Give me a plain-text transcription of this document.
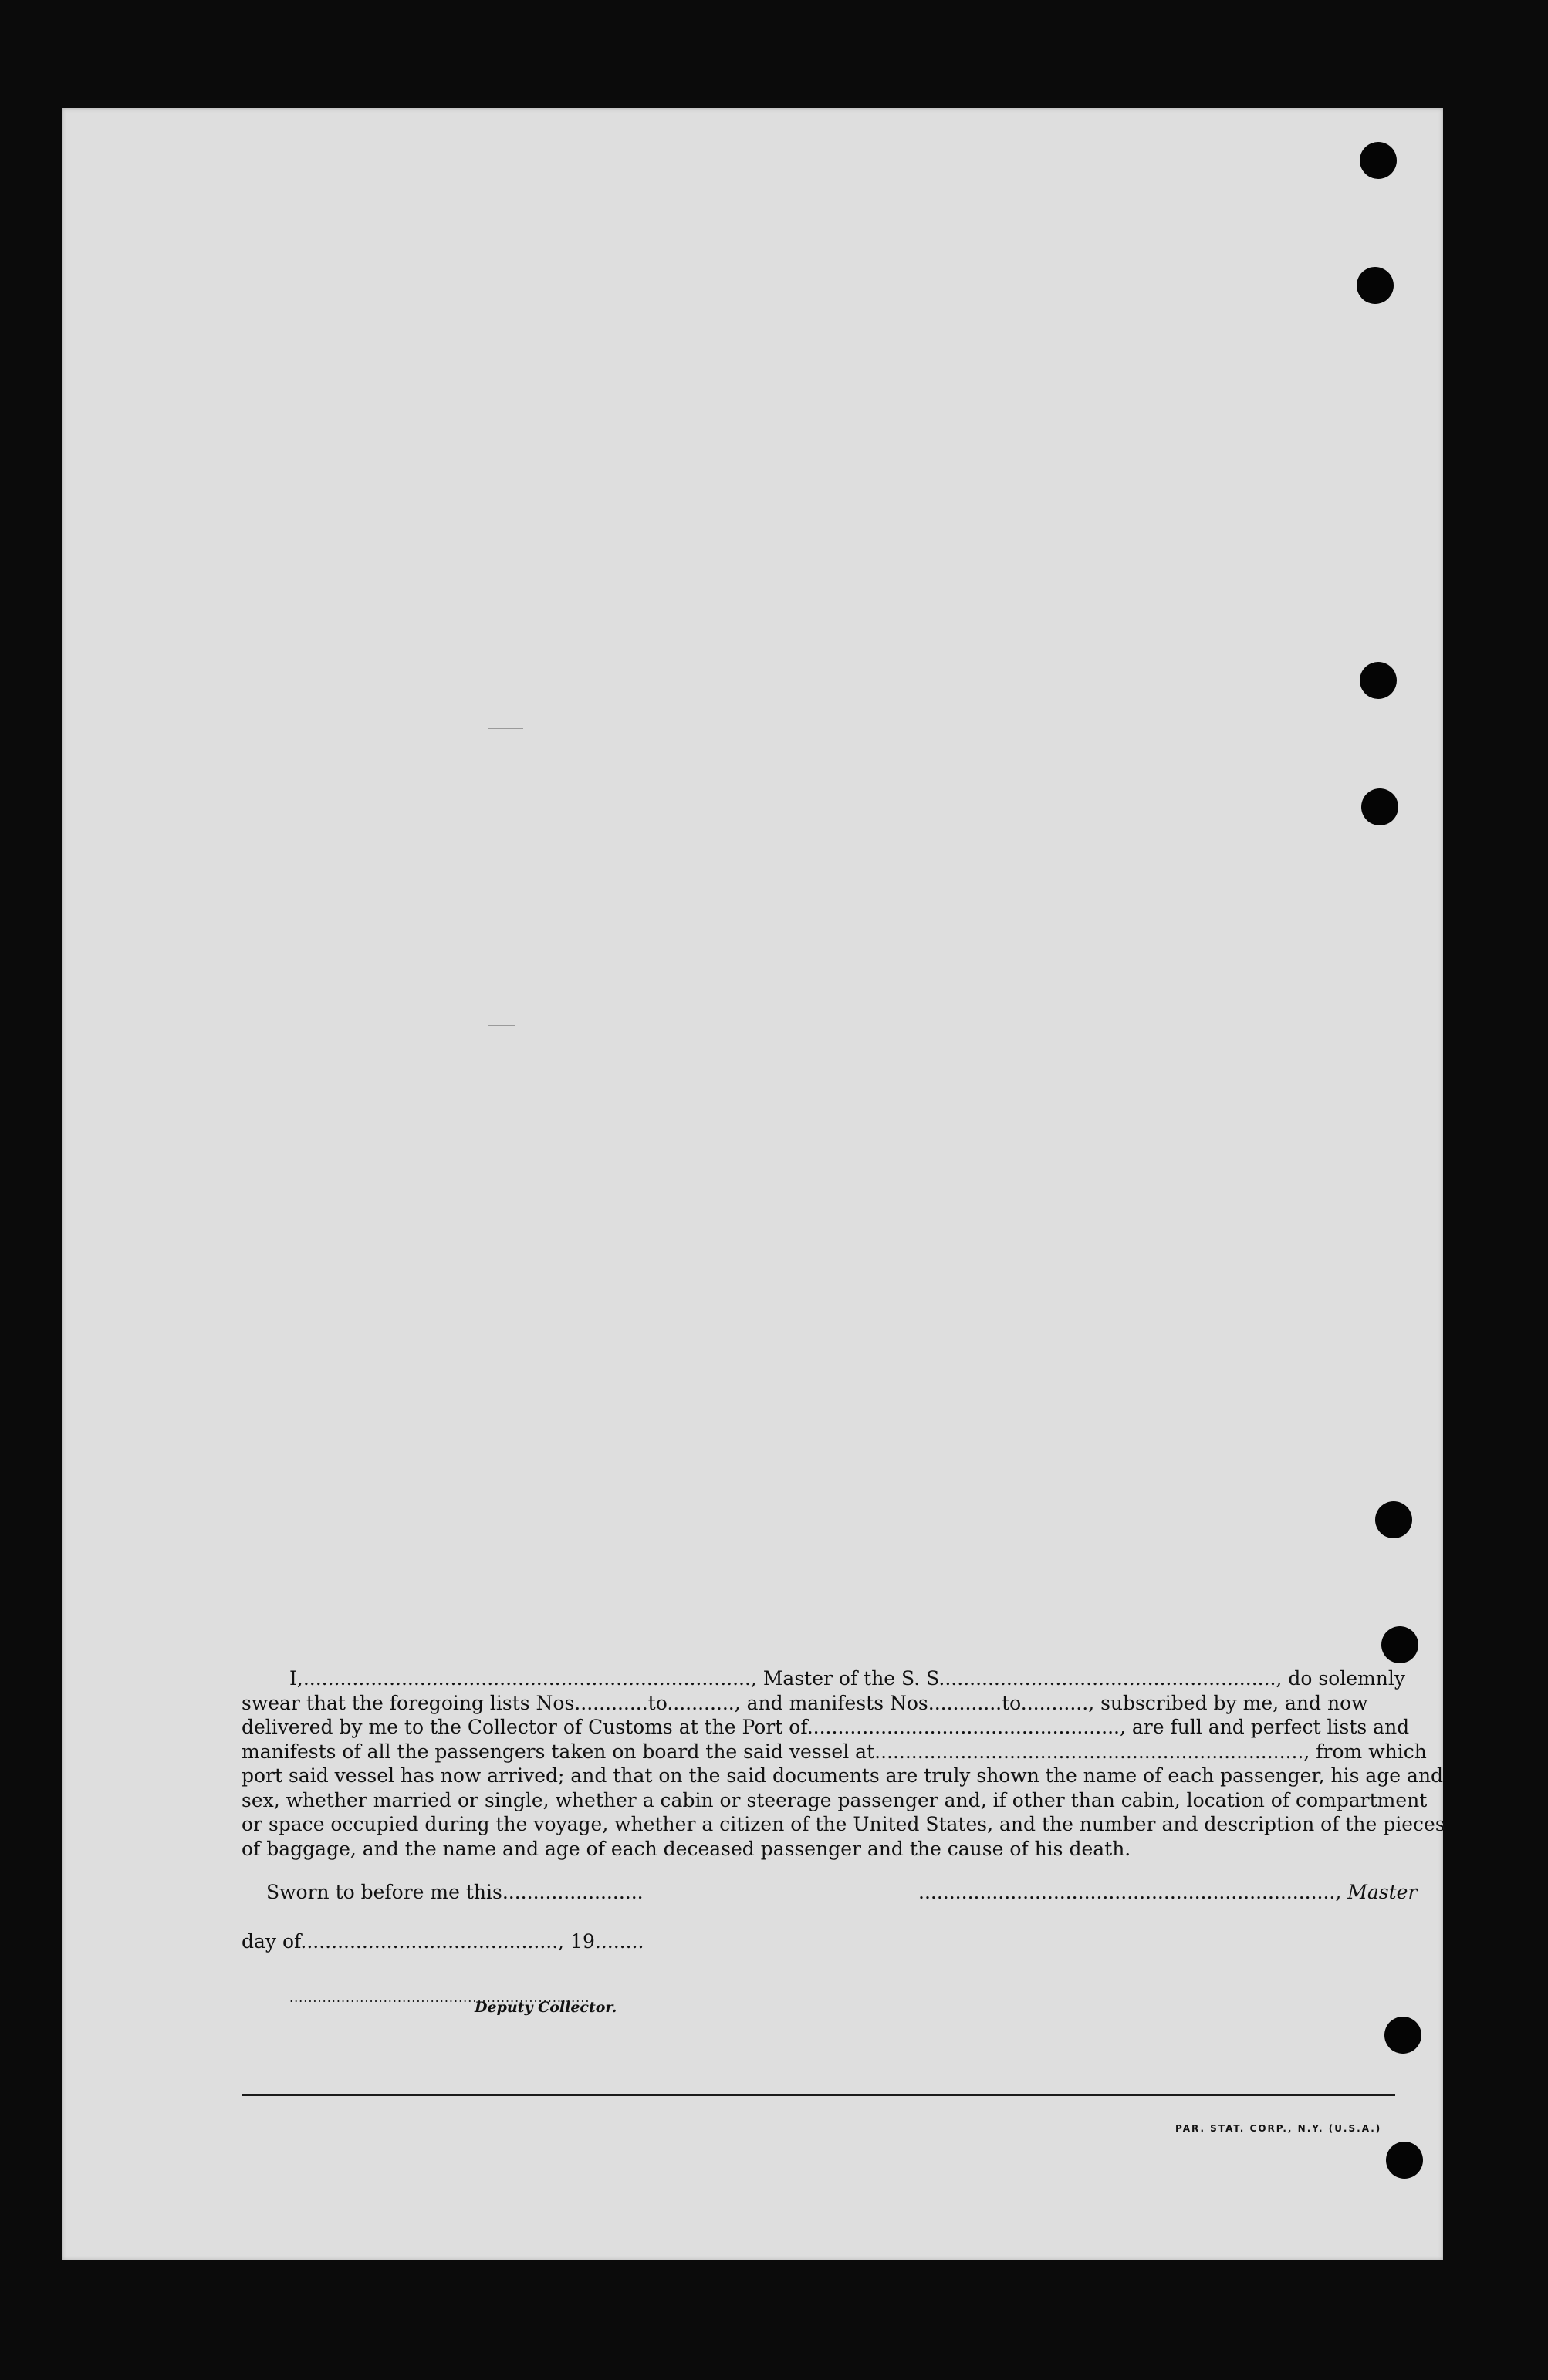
I,........................................................................., Master of the S. S......................................................., do solemnly
swear that the foregoing lists Nos............to..........., and manifests Nos............to..........., subscribed by me, and now
delivered by me to the Collector of Customs at the Port of..................................................., are full and perfect lists and
manifests of all the passengers taken on board the said vessel at......................................................................, from which
port said vessel has now arrived; and that on the said documents are truly shown the name of each passenger, his age and
sex, whether married or single, whether a cabin or steerage passenger and, if other than cabin, location of compartment
or space occupied during the voyage, whether a citizen of the United States, and the number and description of the pieces
of baggage, and the name and age of each deceased passenger and the cause of his death.
Sworn to before me this.......................	...................................................................., Master
day of.........................................., 19........
................................................................
Deputy Collector.
PAR. STAT. CORP., N.Y. (U.S.A.)
